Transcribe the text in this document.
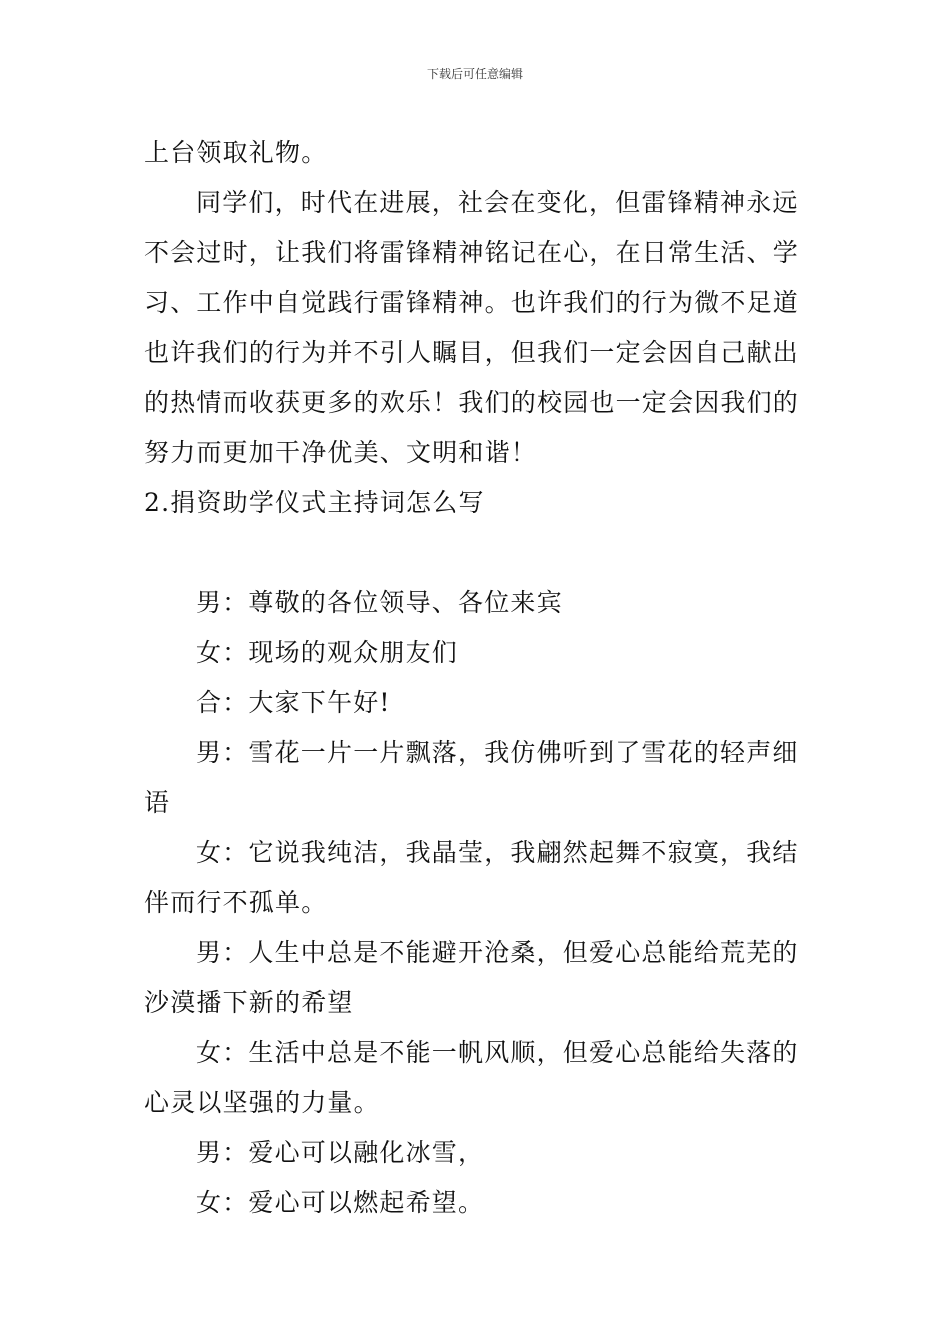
下载后可任意编辑
上台领取礼物。
同学们，时代在进展，社会在变化，但雷锋精神永远
不会过时，让我们将雷锋精神铭记在心，在日常生活、学
习、工作中自觉践行雷锋精神。也许我们的行为微不足道
也许我们的行为并不引人瞩目，但我们一定会因自己献出
的热情而收获更多的欢乐！我们的校园也一定会因我们的
努力而更加干净优美、文明和谐！
2.捐资助学仪式主持词怎么写
男：尊敬的各位领导、各位来宾
女：现场的观众朋友们
合：大家下午好!
男：雪花一片一片飘落，我仿佛听到了雪花的轻声细
语
女：它说我纯洁，我晶莹，我翩然起舞不寂寞，我结
伴而行不孤单。
男：人生中总是不能避开沧桑，但爱心总能给荒芜的
沙漠播下新的希望
女：生活中总是不能一帆风顺，但爱心总能给失落的
心灵以坚强的力量。
男：爱心可以融化冰雪，
女：爱心可以燃起希望。
